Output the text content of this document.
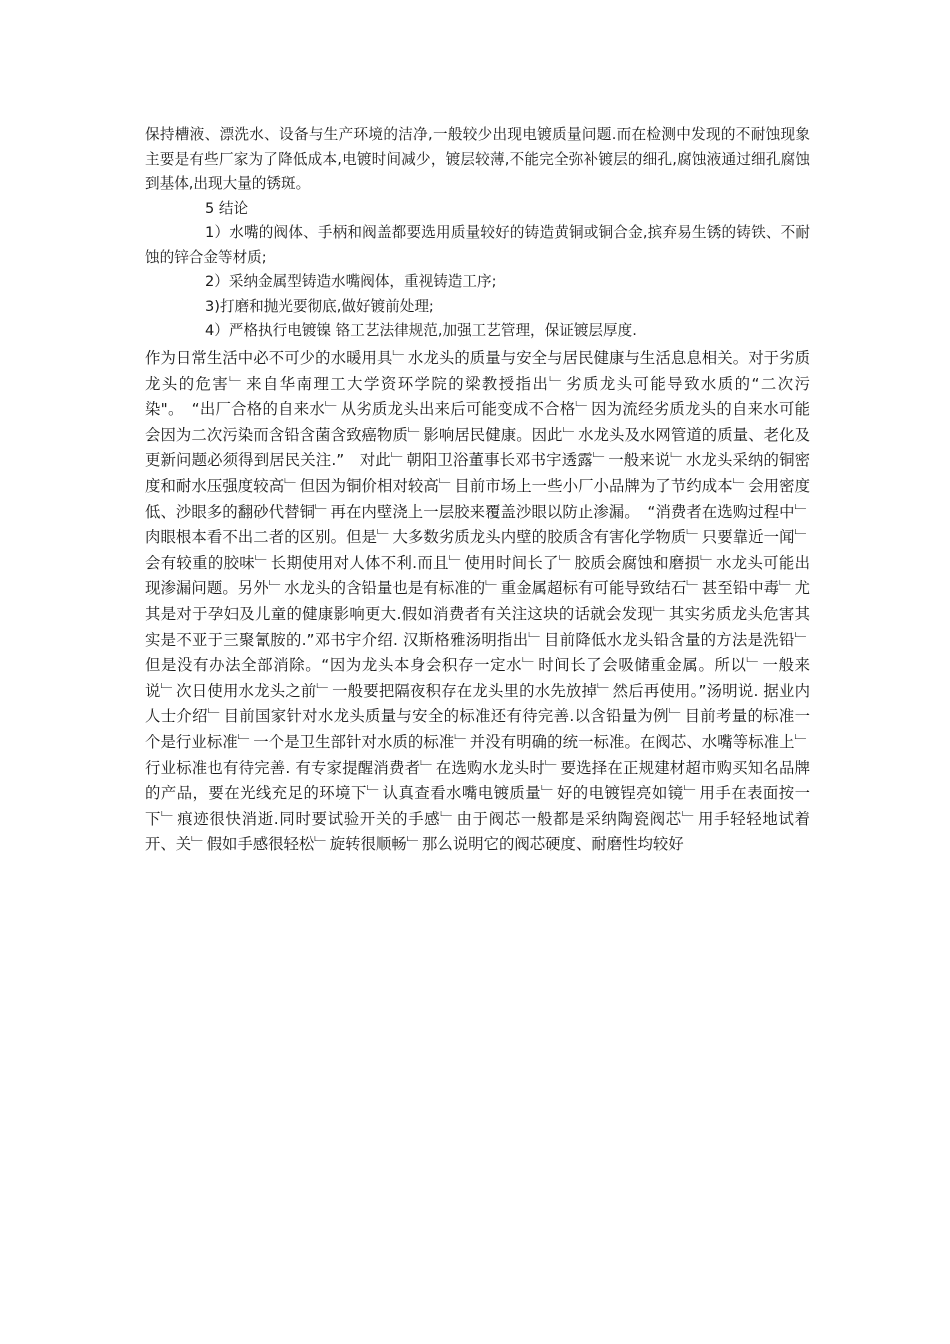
保持槽液、漂洗水、设备与生产环境的洁净,一般较少出现电镀质量问题.而在检测中发现的不耐蚀现象主要是有些厂家为了降低成本,电镀时间减少，镀层较薄,不能完全弥补镀层的细孔,腐蚀液通过细孔腐蚀到基体,出现大量的锈斑。

5 结论

1）水嘴的阀体、手柄和阀盖都要选用质量较好的铸造黄铜或铜合金,摈弃易生锈的铸铁、不耐蚀的锌合金等材质;

2）采纳金属型铸造水嘴阀体，重视铸造工序;

3)打磨和抛光要彻底,做好镀前处理;

4）严格执行电镀镍 铬工艺法律规范,加强工艺管理，保证镀层厚度.

作为日常生活中必不可少的水暖用具﹂水龙头的质量与安全与居民健康与生活息息相关。对于劣质龙头的危害﹂来自华南理工大学资环学院的梁教授指出﹂劣质龙头可能导致水质的“二次污染"。　“出厂合格的自来水﹂从劣质龙头出来后可能变成不合格﹂因为流经劣质龙头的自来水可能会因为二次污染而含铅含菌含致癌物质﹂影响居民健康。因此﹂水龙头及水网管道的质量、老化及更新问题必须得到居民关注.”　对此﹂朝阳卫浴董事长邓书宇透露﹂一般来说﹂水龙头采纳的铜密度和耐水压强度较高﹂但因为铜价相对较高﹂目前市场上一些小厂小品牌为了节约成本﹂会用密度低、沙眼多的翻砂代替铜﹂再在内壁浇上一层胶来覆盖沙眼以防止渗漏。　“消费者在选购过程中﹂肉眼根本看不出二者的区别。但是﹂大多数劣质龙头内壁的胶质含有害化学物质﹂只要靠近一闻﹂会有较重的胶味﹂长期使用对人体不利.而且﹂使用时间长了﹂胶质会腐蚀和磨损﹂水龙头可能出现渗漏问题。另外﹂水龙头的含铅量也是有标准的﹂重金属超标有可能导致结石﹂甚至铅中毒﹂尤其是对于孕妇及儿童的健康影响更大.假如消费者有关注这块的话就会发现﹂其实劣质龙头危害其实是不亚于三聚氰胺的.”邓书宇介绍. 汉斯格雅汤明指出﹂目前降低水龙头铅含量的方法是洗铅﹂但是没有办法全部消除。“因为龙头本身会积存一定水﹂时间长了会吸储重金属。所以﹂一般来说﹂次日使用水龙头之前﹂一般要把隔夜积存在龙头里的水先放掉﹂然后再使用。”汤明说. 据业内人士介绍﹂目前国家针对水龙头质量与安全的标准还有待完善.以含铅量为例﹂目前考量的标准一个是行业标准﹂一个是卫生部针对水质的标准﹂并没有明确的统一标准。在阀芯、水嘴等标准上﹂行业标准也有待完善. 有专家提醒消费者﹂在选购水龙头时﹂要选择在正规建材超市购买知名品牌的产品，要在光线充足的环境下﹂认真查看水嘴电镀质量﹂好的电镀锃亮如镜﹂用手在表面按一下﹂痕迹很快消逝.同时要试验开关的手感﹂由于阀芯一般都是采纳陶瓷阀芯﹂用手轻轻地试着开、关﹂假如手感很轻松﹂旋转很顺畅﹂那么说明它的阀芯硬度、耐磨性均较好
